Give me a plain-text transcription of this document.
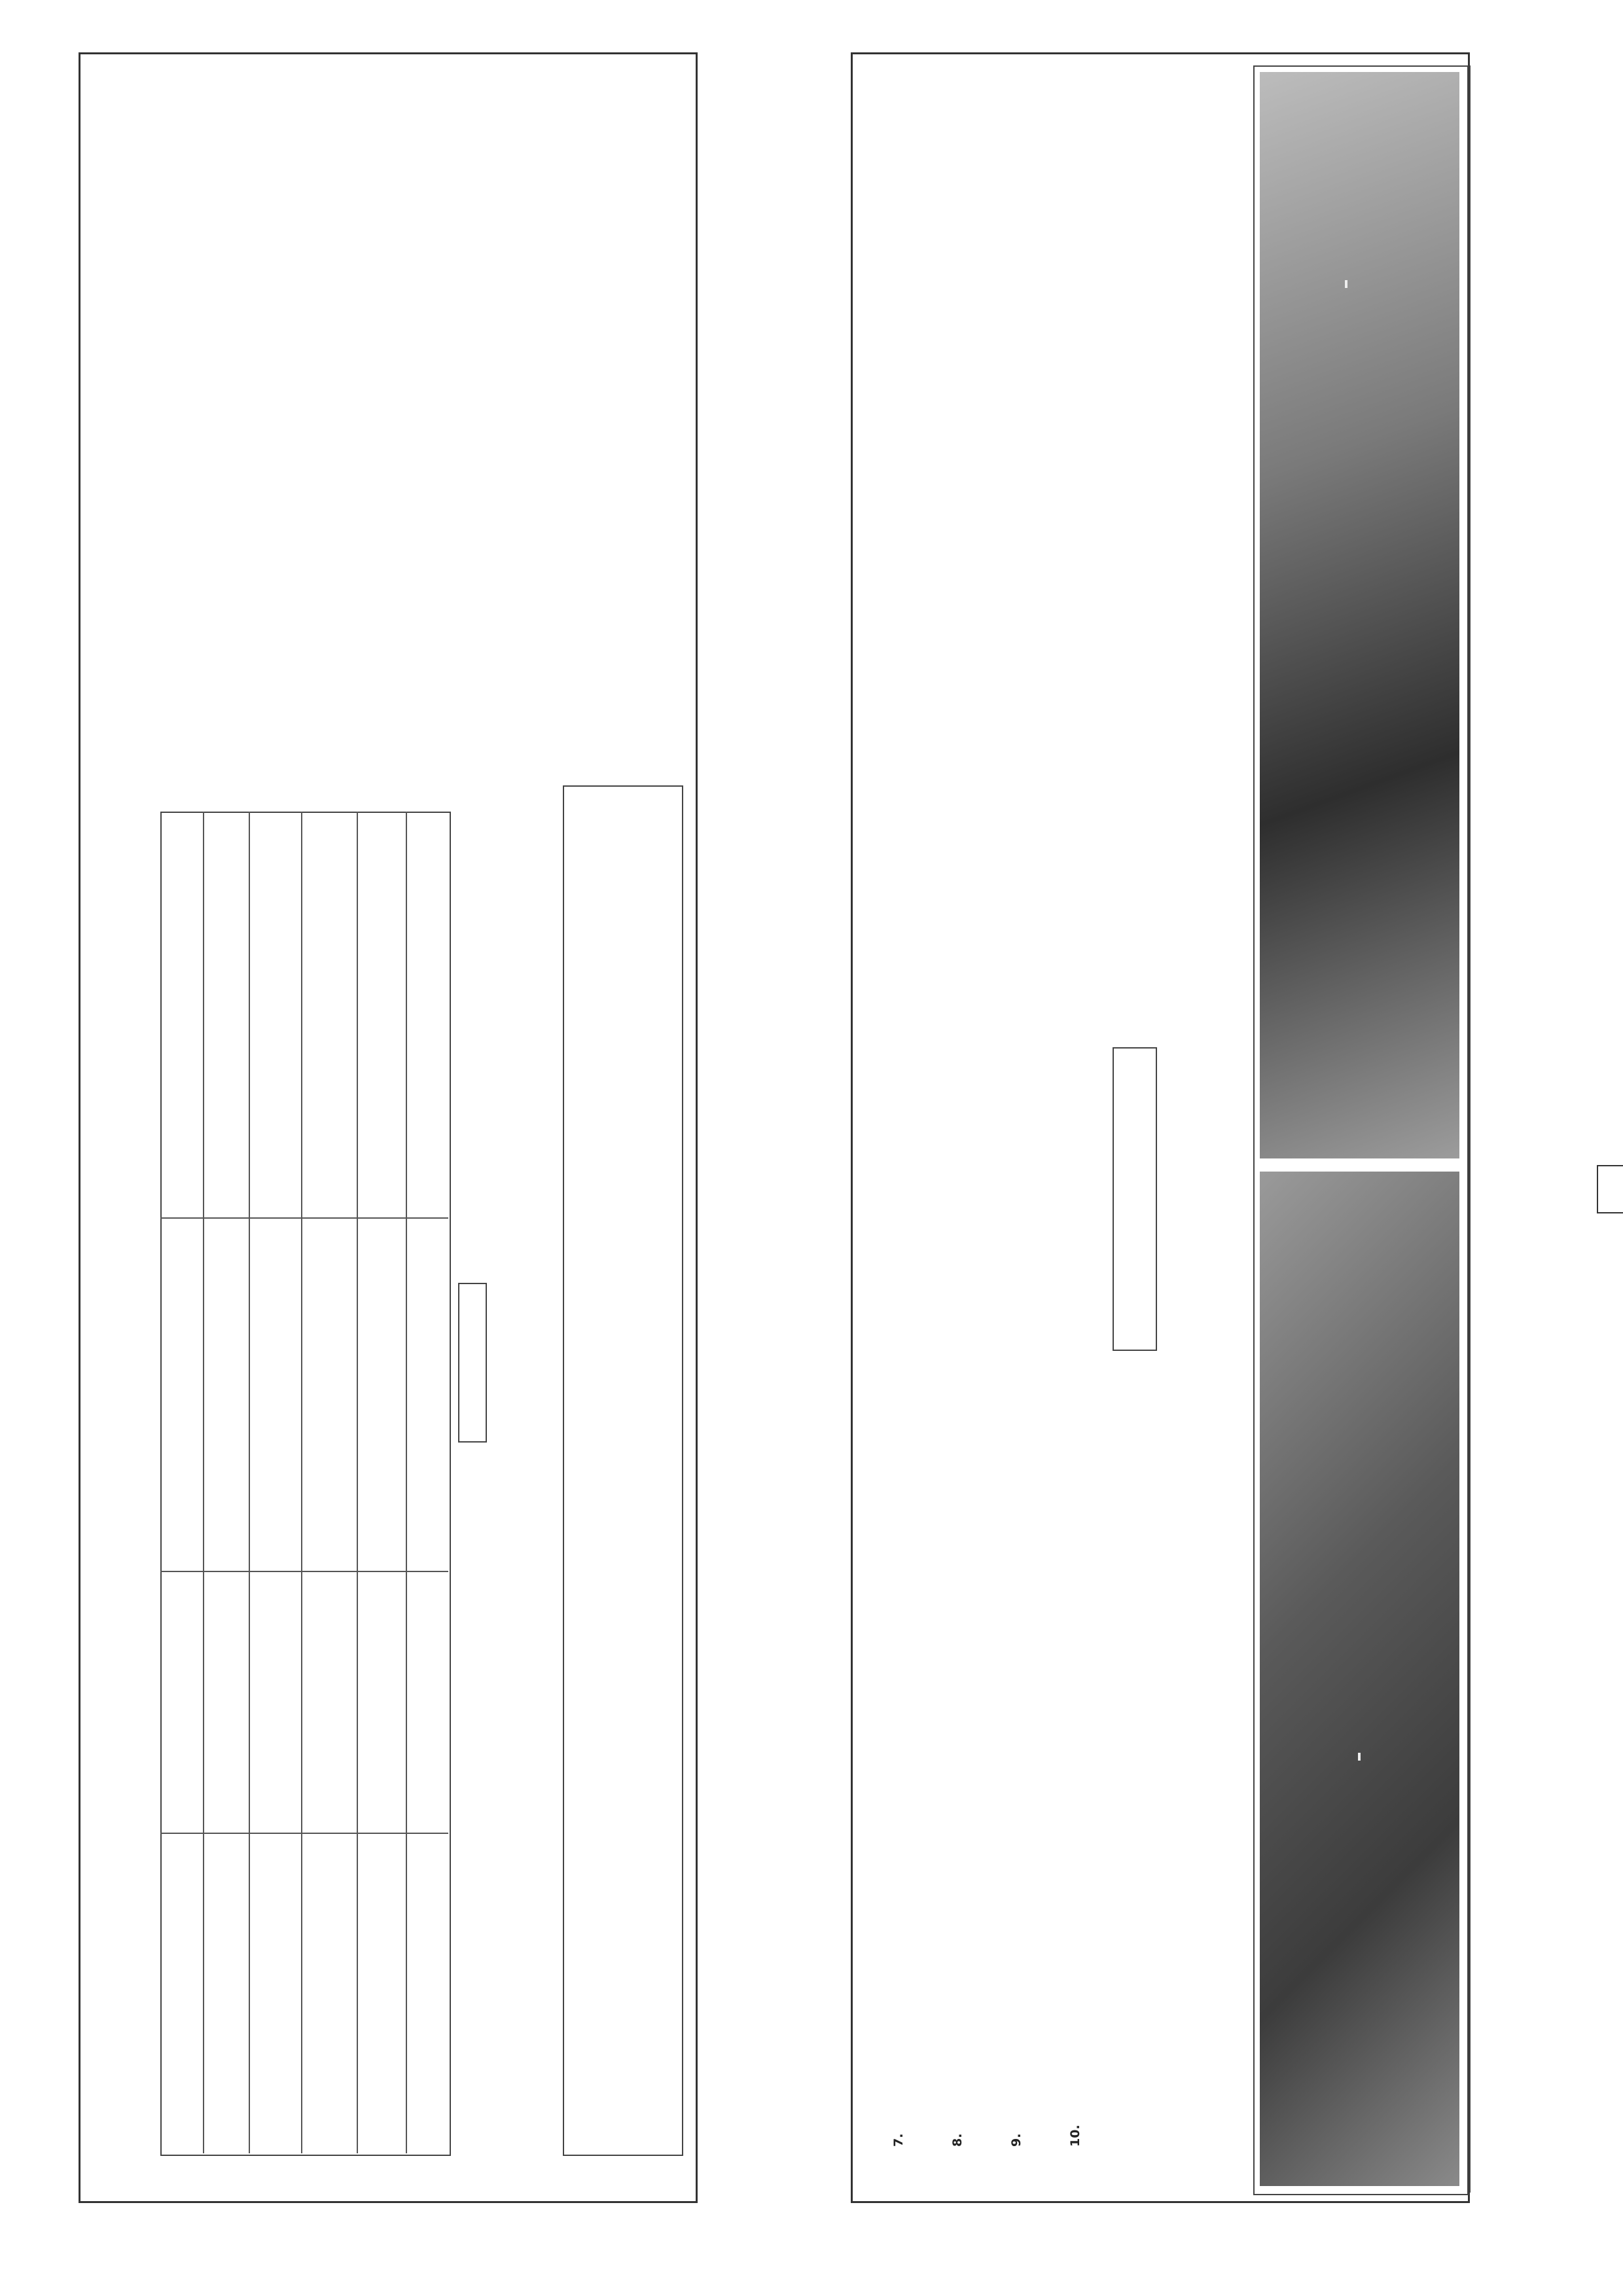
7.	8.	9.	10.
